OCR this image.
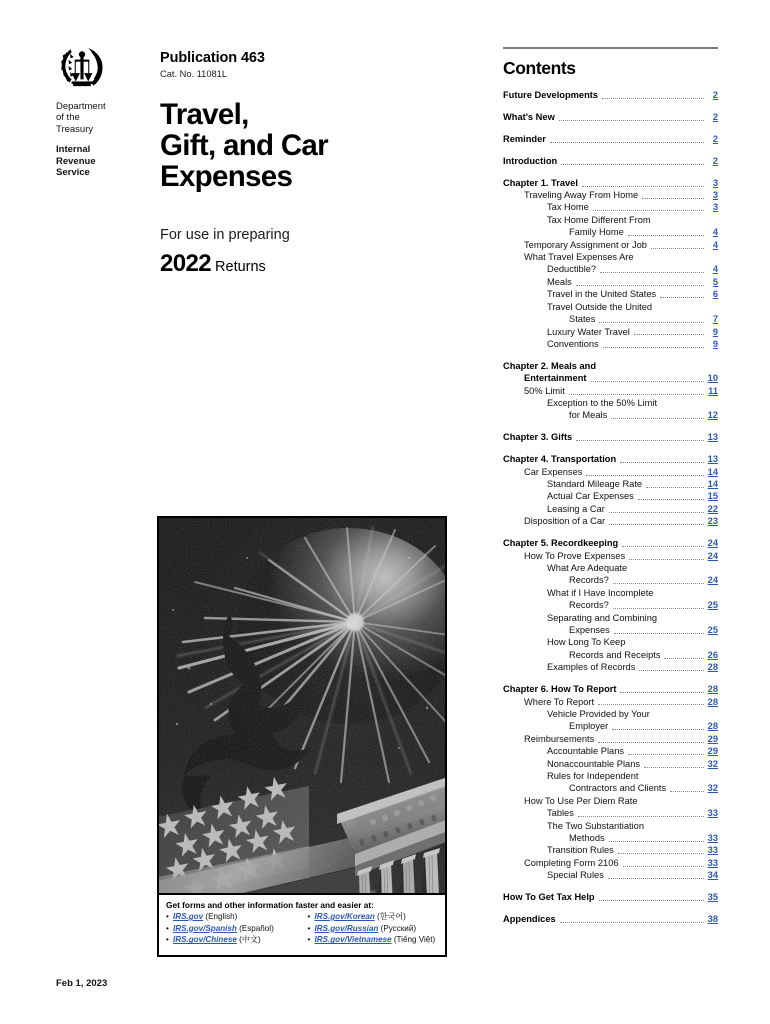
Department
of the
Treasury
Internal
Revenue
Service
Publication 463
Cat. No. 11081L
Travel,
Gift, and Car
Expenses
For use in preparing
2022 Returns
Get forms and other information faster and easier at:
• IRS.gov (English)
• IRS.gov/Spanish (Español)
• IRS.gov/Chinese (中文)
• IRS.gov/Korean (한국어)
• IRS.gov/Russian (Pусский)
• IRS.gov/Vietnamese (Tiếng Việt)
Feb 1, 2023
Contents
Future Developments	2
What's New	2
Reminder	2
Introduction	2
Chapter 1. Travel	3
Traveling Away From Home	3
Tax Home	3
Tax Home Different From
Family Home	4
Temporary Assignment or Job	4
What Travel Expenses Are
Deductible?	4
Meals	5
Travel in the United States	6
Travel Outside the United
States	7
Luxury Water Travel	9
Conventions	9
Chapter 2. Meals and
Entertainment	10
50% Limit	11
Exception to the 50% Limit
for Meals	12
Chapter 3. Gifts	13
Chapter 4. Transportation	13
Car Expenses	14
Standard Mileage Rate	14
Actual Car Expenses	15
Leasing a Car	22
Disposition of a Car	23
Chapter 5. Recordkeeping	24
How To Prove Expenses	24
What Are Adequate
Records?	24
What if I Have Incomplete
Records?	25
Separating and Combining
Expenses	25
How Long To Keep
Records and Receipts	26
Examples of Records	28
Chapter 6. How To Report	28
Where To Report	28
Vehicle Provided by Your
Employer	28
Reimbursements	29
Accountable Plans	29
Nonaccountable Plans	32
Rules for Independent
Contractors and Clients	32
How To Use Per Diem Rate
Tables	33
The Two Substantiation
Methods	33
Transition Rules	33
Completing Form 2106	33
Special Rules	34
How To Get Tax Help	35
Appendices	38
